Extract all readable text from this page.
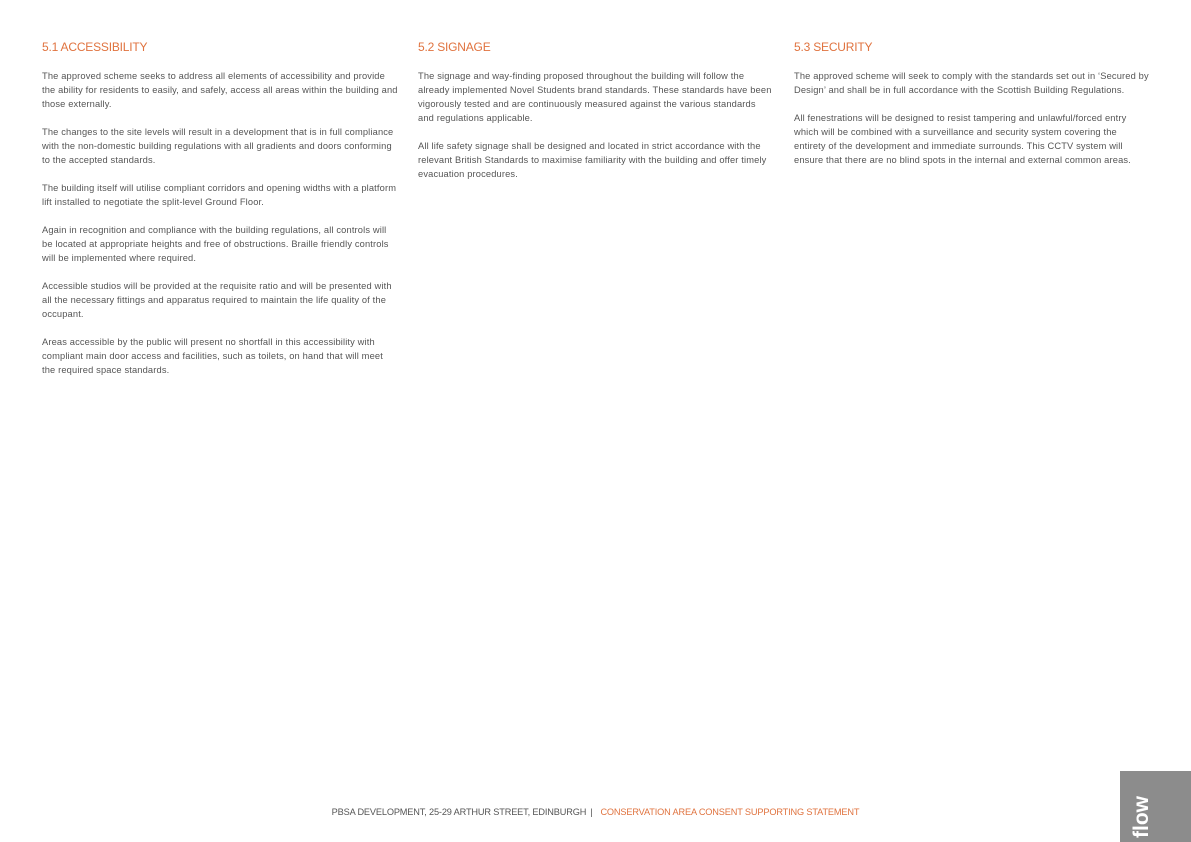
5.1 ACCESSIBILITY

The approved scheme seeks to address all elements of accessibility and provide the ability for residents to easily, and safely, access all areas within the building and those externally.

The changes to the site levels will result in a development that is in full compliance with the non-domestic building regulations with all gradients and doors conforming to the accepted standards.

The building itself will utilise compliant corridors and opening widths with a platform lift installed to negotiate the split-level Ground Floor.

Again in recognition and compliance with the building regulations, all controls will be located at appropriate heights and free of obstructions. Braille friendly controls will be implemented where required.

Accessible studios will be provided at the requisite ratio and will be presented with all the necessary fittings and apparatus required to maintain the life quality of the occupant.

Areas accessible by the public will present no shortfall in this accessibility with compliant main door access and facilities, such as toilets, on hand that will meet the required space standards.

5.2 SIGNAGE

The signage and way-finding proposed throughout the building will follow the already implemented Novel Students brand standards. These standards have been vigorously tested and are continuously measured against the various standards and regulations applicable.

All life safety signage shall be designed and located in strict accordance with the relevant British Standards to maximise familiarity with the building and offer timely evacuation procedures.

5.3 SECURITY

The approved scheme will seek to comply with the standards set out in ‘Secured by Design’ and shall be in full accordance with the Scottish Building Regulations.

All fenestrations will be designed to resist tampering and unlawful/forced entry which will be combined with a surveillance and security system covering the entirety of the development and immediate surrounds. This CCTV system will ensure that there are no blind spots in the internal and external common areas.

PBSA DEVELOPMENT, 25-29 ARTHUR STREET, EDINBURGH | CONSERVATION AREA CONSENT SUPPORTING STATEMENT	flow
